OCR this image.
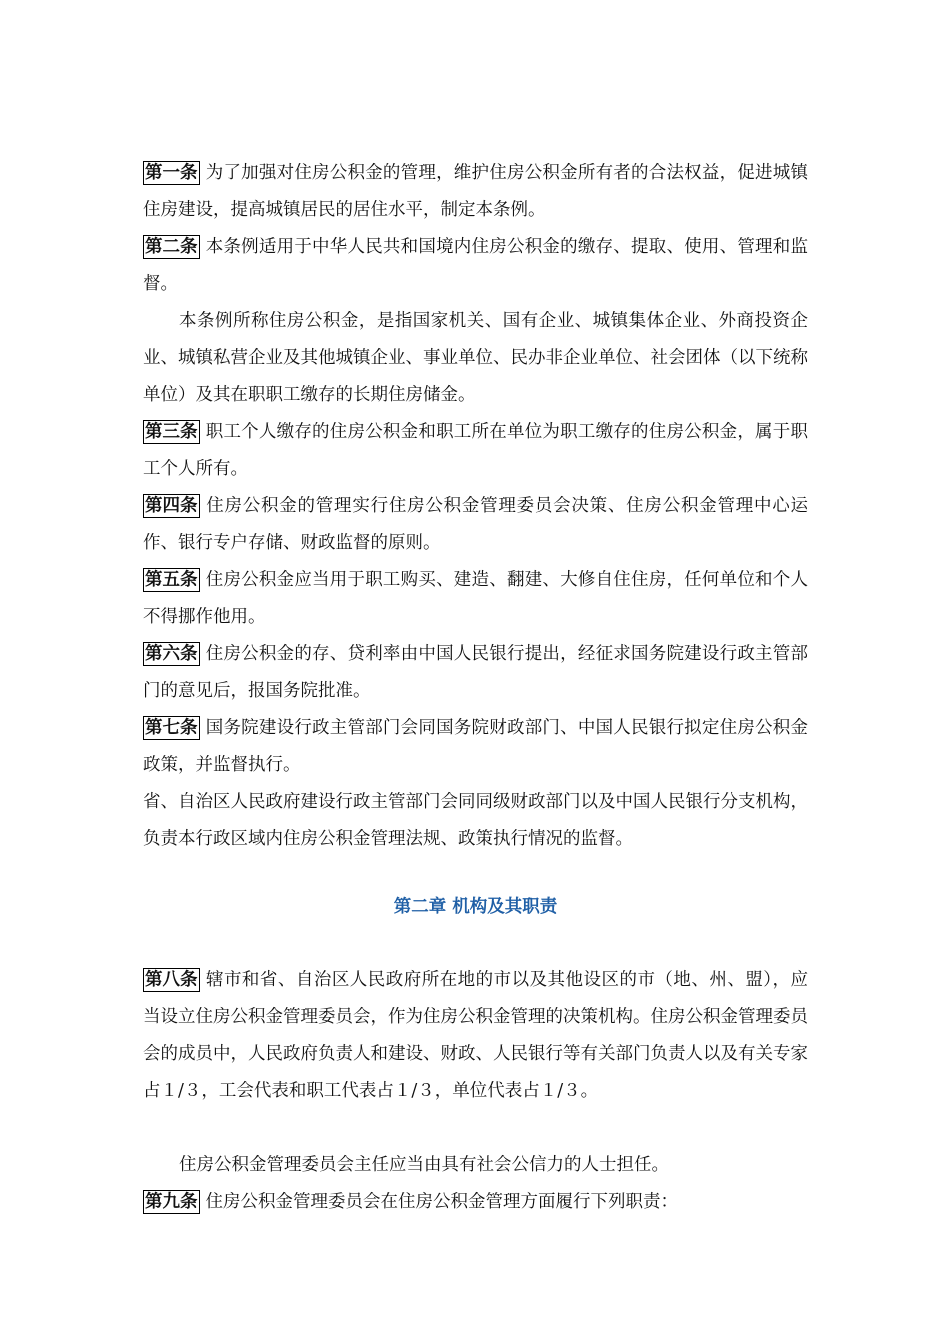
第一条 为了加强对住房公积金的管理，维护住房公积金所有者的合法权益，促进城镇住房建设，提高城镇居民的居住水平，制定本条例。

第二条 本条例适用于中华人民共和国境内住房公积金的缴存、提取、使用、管理和监督。

本条例所称住房公积金，是指国家机关、国有企业、城镇集体企业、外商投资企业、城镇私营企业及其他城镇企业、事业单位、民办非企业单位、社会团体（以下统称单位）及其在职职工缴存的长期住房储金。

第三条 职工个人缴存的住房公积金和职工所在单位为职工缴存的住房公积金，属于职工个人所有。

第四条 住房公积金的管理实行住房公积金管理委员会决策、住房公积金管理中心运作、银行专户存储、财政监督的原则。

第五条 住房公积金应当用于职工购买、建造、翻建、大修自住住房，任何单位和个人不得挪作他用。

第六条 住房公积金的存、贷利率由中国人民银行提出，经征求国务院建设行政主管部门的意见后，报国务院批准。

第七条 国务院建设行政主管部门会同国务院财政部门、中国人民银行拟定住房公积金政策，并监督执行。

省、自治区人民政府建设行政主管部门会同同级财政部门以及中国人民银行分支机构，负责本行政区域内住房公积金管理法规、政策执行情况的监督。

第二章 机构及其职责

第八条 辖市和省、自治区人民政府所在地的市以及其他设区的市（地、州、盟），应当设立住房公积金管理委员会，作为住房公积金管理的决策机构。住房公积金管理委员会的成员中，人民政府负责人和建设、财政、人民银行等有关部门负责人以及有关专家占１/３，工会代表和职工代表占１/３，单位代表占１/３。

住房公积金管理委员会主任应当由具有社会公信力的人士担任。

第九条 住房公积金管理委员会在住房公积金管理方面履行下列职责：
